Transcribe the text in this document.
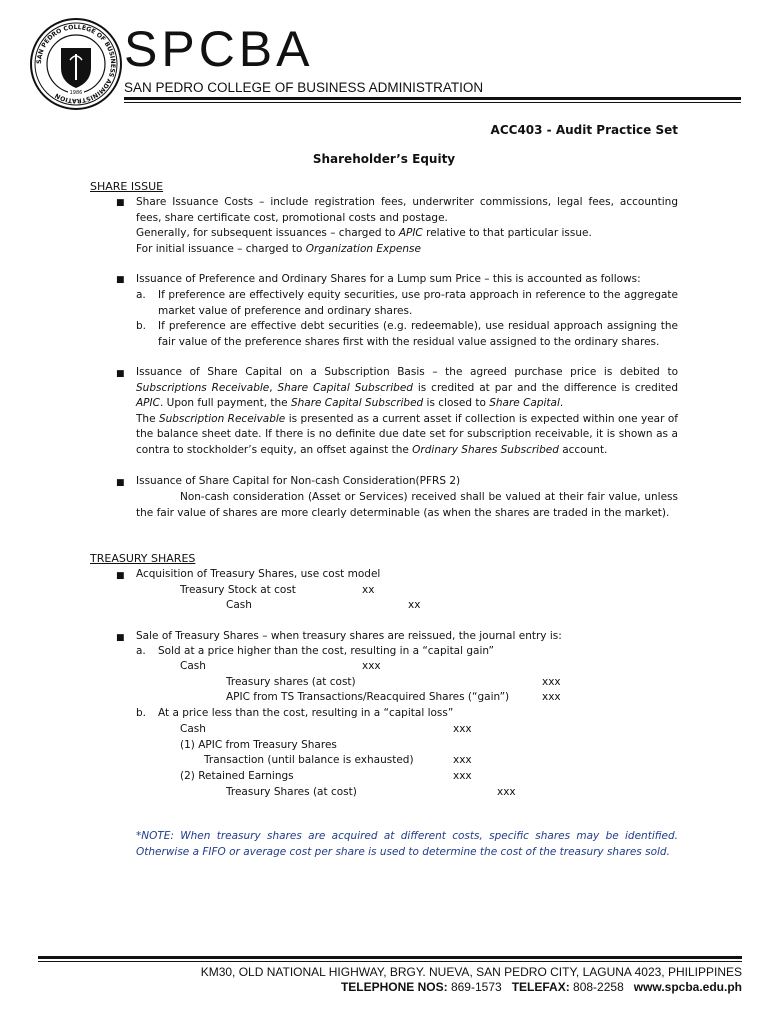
SAN PEDRO COLLEGE OF BUSINESS ADMINISTRATION	1986
SPCBA
SAN PEDRO COLLEGE OF BUSINESS ADMINISTRATION
ACC403 - Audit Practice Set
Shareholder’s Equity
SHARE ISSUE
■ Share Issuance Costs – include registration fees, underwriter commissions, legal fees, accounting
fees, share certificate cost, promotional costs and postage.
Generally, for subsequent issuances – charged to APIC relative to that particular issue.
For initial issuance – charged to Organization Expense
■ Issuance of Preference and Ordinary Shares for a Lump sum Price – this is accounted as follows:
a. If preference are effectively equity securities, use pro-rata approach in reference to the aggregate market value of preference and ordinary shares.
b. If preference are effective debt securities (e.g. redeemable), use residual approach assigning the fair value of the preference shares first with the residual value assigned to the ordinary shares.
■ Issuance of Share Capital on a Subscription Basis – the agreed purchase price is debited to Subscriptions Receivable, Share Capital Subscribed is credited at par and the difference is credited APIC. Upon full payment, the Share Capital Subscribed is closed to Share Capital.
The Subscription Receivable is presented as a current asset if collection is expected within one year of the balance sheet date. If there is no definite due date set for subscription receivable, it is shown as a contra to stockholder’s equity, an offset against the Ordinary Shares Subscribed account.
■ Issuance of Share Capital for Non-cash Consideration(PFRS 2)
Non-cash consideration (Asset or Services) received shall be valued at their fair value, unless the fair value of shares are more clearly determinable (as when the shares are traded in the market).
TREASURY SHARES
■ Acquisition of Treasury Shares, use cost model
Treasury Stock at cost	xx
Cash	xx
■ Sale of Treasury Shares – when treasury shares are reissued, the journal entry is:
a. Sold at a price higher than the cost, resulting in a “capital gain”
Cash	xxx
Treasury shares (at cost)	xxx
APIC from TS Transactions/Reacquired Shares (“gain”)	xxx
b. At a price less than the cost, resulting in a “capital loss”
Cash	xxx
(1) APIC from Treasury Shares
Transaction (until balance is exhausted)	xxx
(2) Retained Earnings	xxx
Treasury Shares (at cost)	xxx
*NOTE: When treasury shares are acquired at different costs, specific shares may be identified. Otherwise a FIFO or average cost per share is used to determine the cost of the treasury shares sold.
KM30, OLD NATIONAL HIGHWAY, BRGY. NUEVA, SAN PEDRO CITY, LAGUNA 4023, PHILIPPINES
TELEPHONE NOS: 869-1573 TELEFAX: 808-2258 www.spcba.edu.ph
